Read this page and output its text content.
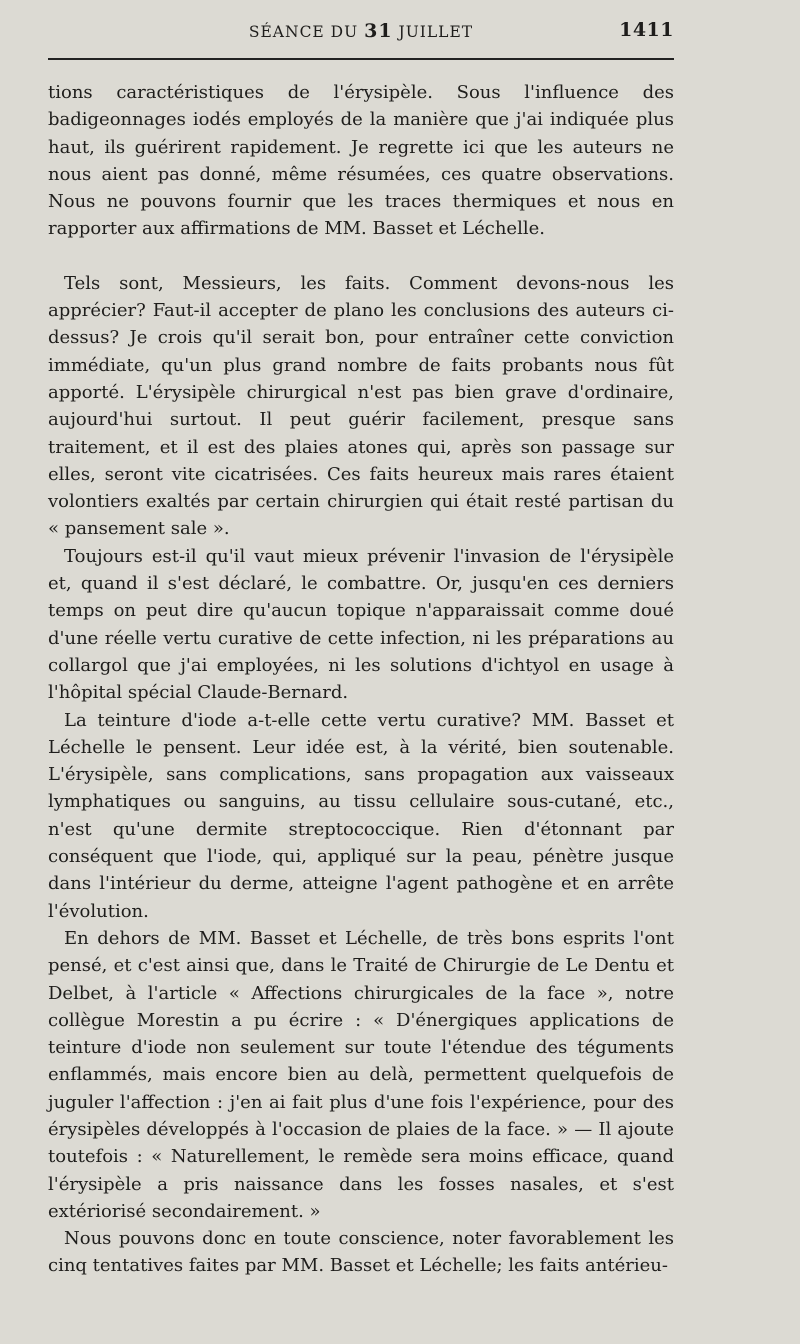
SÉANCE DU 31 JUILLET	1411

tions caractéristiques de l'érysipèle. Sous l'influence des badigeonnages iodés employés de la manière que j'ai indiquée plus haut, ils guérirent rapidement. Je regrette ici que les auteurs ne nous aient pas donné, même résumées, ces quatre observations. Nous ne pouvons fournir que les traces thermiques et nous en rapporter aux affirmations de MM. Basset et Léchelle.

Tels sont, Messieurs, les faits. Comment devons-nous les apprécier? Faut-il accepter de plano les conclusions des auteurs ci-dessus? Je crois qu'il serait bon, pour entraîner cette conviction immédiate, qu'un plus grand nombre de faits probants nous fût apporté. L'érysipèle chirurgical n'est pas bien grave d'ordinaire, aujourd'hui surtout. Il peut guérir facilement, presque sans traitement, et il est des plaies atones qui, après son passage sur elles, seront vite cicatrisées. Ces faits heureux mais rares étaient volontiers exaltés par certain chirurgien qui était resté partisan du « pansement sale ».

Toujours est-il qu'il vaut mieux prévenir l'invasion de l'érysipèle et, quand il s'est déclaré, le combattre. Or, jusqu'en ces derniers temps on peut dire qu'aucun topique n'apparaissait comme doué d'une réelle vertu curative de cette infection, ni les préparations au collargol que j'ai employées, ni les solutions d'ichtyol en usage à l'hôpital spécial Claude-Bernard.

La teinture d'iode a-t-elle cette vertu curative? MM. Basset et Léchelle le pensent. Leur idée est, à la vérité, bien soutenable. L'érysipèle, sans complications, sans propagation aux vaisseaux lymphatiques ou sanguins, au tissu cellulaire sous-cutané, etc., n'est qu'une dermite streptococcique. Rien d'étonnant par conséquent que l'iode, qui, appliqué sur la peau, pénètre jusque dans l'intérieur du derme, atteigne l'agent pathogène et en arrête l'évolution.

En dehors de MM. Basset et Léchelle, de très bons esprits l'ont pensé, et c'est ainsi que, dans le Traité de Chirurgie de Le Dentu et Delbet, à l'article « Affections chirurgicales de la face », notre collègue Morestin a pu écrire : « D'énergiques applications de teinture d'iode non seulement sur toute l'étendue des téguments enflammés, mais encore bien au delà, permettent quelquefois de juguler l'affection : j'en ai fait plus d'une fois l'expérience, pour des érysipèles développés à l'occasion de plaies de la face. » — Il ajoute toutefois : « Naturellement, le remède sera moins efficace, quand l'érysipèle a pris naissance dans les fosses nasales, et s'est extériorisé secondairement. »

Nous pouvons donc en toute conscience, noter favorablement les cinq tentatives faites par MM. Basset et Léchelle; les faits antérieu-
